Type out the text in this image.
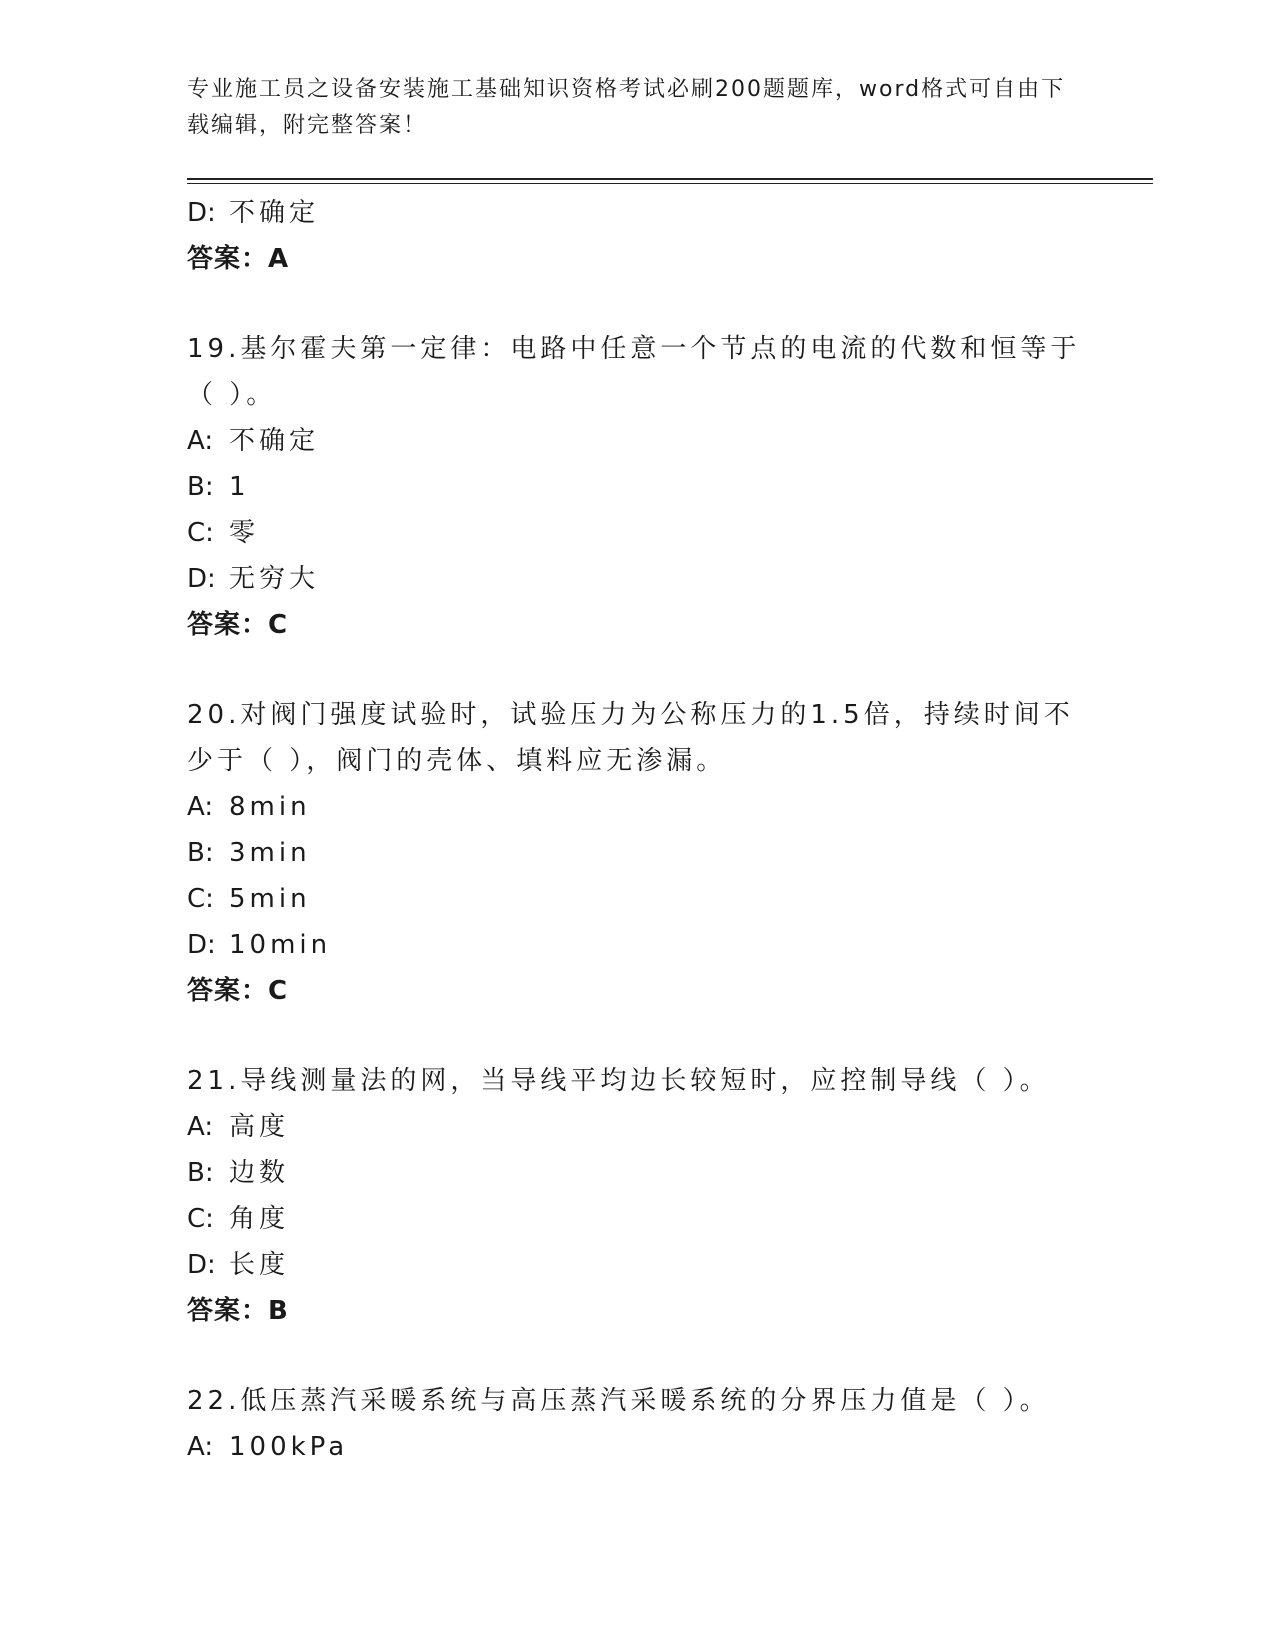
专业施工员之设备安装施工基础知识资格考试必刷200题题库，word格式可自由下载编辑，附完整答案！
D: 不确定
答案：A
19.基尔霍夫第一定律：电路中任意一个节点的电流的代数和恒等于（ ）。
A: 不确定
B: 1
C: 零
D: 无穷大
答案：C
20.对阀门强度试验时，试验压力为公称压力的1.5倍，持续时间不少于（ ），阀门的壳体、填料应无渗漏。
A: 8min
B: 3min
C: 5min
D: 10min
答案：C
21.导线测量法的网，当导线平均边长较短时，应控制导线（ ）。
A: 高度
B: 边数
C: 角度
D: 长度
答案：B
22.低压蒸汽采暖系统与高压蒸汽采暖系统的分界压力值是（ ）。
A: 100kPa
